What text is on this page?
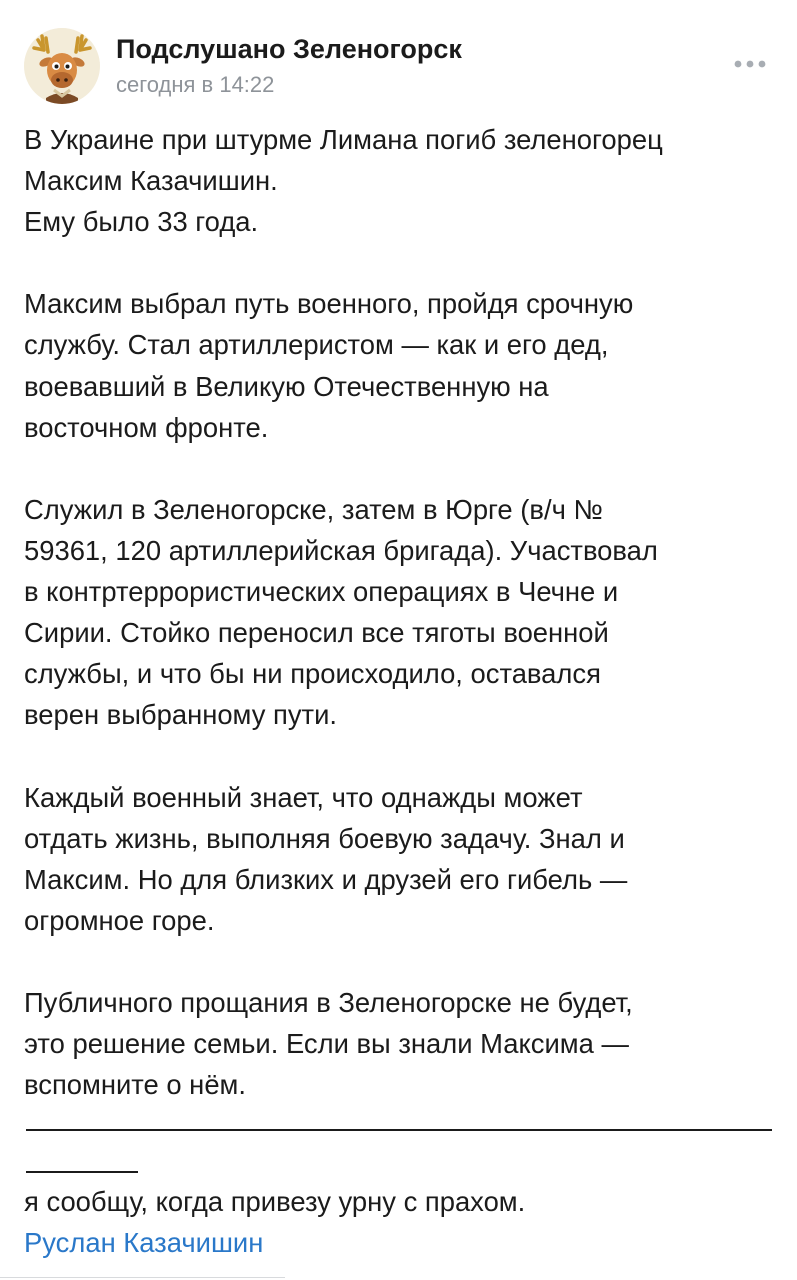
Подслушано Зеленогорск
сегодня в 14:22

В Украине при штурме Лимана погиб зеленогорец
Максим Казачишин.
Ему было 33 года.

Максим выбрал путь военного, пройдя срочную
службу. Стал артиллеристом — как и его дед,
воевавший в Великую Отечественную на
восточном фронте.

Служил в Зеленогорске, затем в Юрге (в/ч №
59361, 120 артиллерийская бригада). Участвовал
в контртеррористических операциях в Чечне и
Сирии. Стойко переносил все тяготы военной
службы, и что бы ни происходило, оставался
верен выбранному пути.

Каждый военный знает, что однажды может
отдать жизнь, выполняя боевую задачу. Знал и
Максим. Но для близких и друзей его гибель —
огромное горе.

Публичного прощания в Зеленогорске не будет,
это решение семьи. Если вы знали Максима —
вспомните о нём.

я сообщу, когда привезу урну с прахом.
Руслан Казачишин
